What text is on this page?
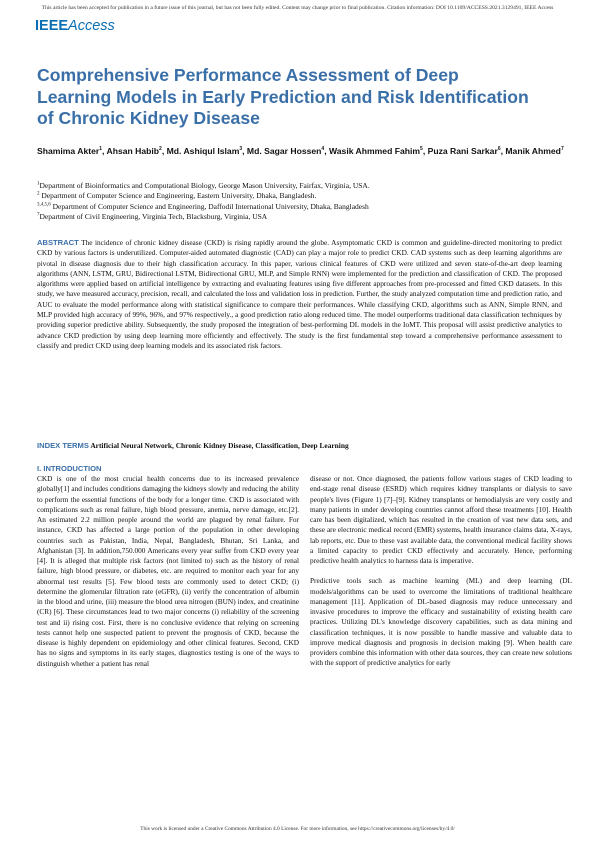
This article has been accepted for publication in a future issue of this journal, but has not been fully edited. Content may change prior to final publication. Citation information: DOI 10.1109/ACCESS.2021.3129491, IEEE Access
IEEEAccess
Comprehensive Performance Assessment of Deep Learning Models in Early Prediction and Risk Identification of Chronic Kidney Disease

Shamima Akter$^1$, Ahsan Habib$^2$, Md. Ashiqul Islam$^3$, Md. Sagar Hossen$^4$, Wasik Ahmmed Fahim$^5$, Puza Rani Sarkar$^6$, Manik Ahmed$^7$

$^1$Department of Bioinformatics and Computational Biology, George Mason University, Fairfax, Virginia, USA.
$^2$ Department of Computer Science and Engineering, Eastern University, Dhaka, Bangladesh.
$^{3,4,5,6}$ Department of Computer Science and Engineering, Daffodil International University, Dhaka, Bangladesh
$^7$Department of Civil Engineering, Virginia Tech, Blacksburg, Virginia, USA

ABSTRACT The incidence of chronic kidney disease (CKD) is rising rapidly around the globe. Asymptomatic CKD is common and guideline-directed monitoring to predict CKD by various factors is underutilized. Computer-aided automated diagnostic (CAD) can play a major role to predict CKD. CAD systems such as deep learning algorithms are pivotal in disease diagnosis due to their high classification accuracy. In this paper, various clinical features of CKD were utilized and seven state-of-the-art deep learning algorithms (ANN, LSTM, GRU, Bidirectional LSTM, Bidirectional GRU, MLP, and Simple RNN) were implemented for the prediction and classification of CKD. The proposed algorithms were applied based on artificial intelligence by extracting and evaluating features using five different approaches from pre-processed and fitted CKD datasets. In this study, we have measured accuracy, precision, recall, and calculated the loss and validation loss in prediction. Further, the study analyzed computation time and prediction ratio, and AUC to evaluate the model performance along with statistical significance to compare their performances. While classifying CKD, algorithms such as ANN, Simple RNN, and MLP provided high accuracy of 99%, 96%, and 97% respectively., a good prediction ratio along reduced time. The model outperforms traditional data classification techniques by providing superior predictive ability. Subsequently, the study proposed the integration of best-performing DL models in the IoMT. This proposal will assist predictive analytics to advance CKD prediction by using deep learning more efficiently and effectively. The study is the first fundamental step toward a comprehensive performance assessment to classify and predict CKD using deep learning models and its associated risk factors.

INDEX TERMS Artificial Neural Network, Chronic Kidney Disease, Classification, Deep Learning
I. INTRODUCTION

CKD is one of the most crucial health concerns due to its increased prevalence globally[1] and includes conditions damaging the kidneys slowly and reducing the ability to perform the essential functions of the body for a longer time. CKD is associated with complications such as renal failure, high blood pressure, anemia, nerve damage, etc.[2]. An estimated 2.2 million people around the world are plagued by renal failure. For instance, CKD has affected a large portion of the population in other developing countries such as Pakistan, India, Nepal, Bangladesh, Bhutan, Sri Lanka, and Afghanistan [3]. In addition,750.000 Americans every year suffer from CKD every year [4]. It is alleged that multiple risk factors (not limited to) such as the history of renal failure, high blood pressure, or diabetes, etc. are required to monitor each year for any abnormal test results [5]. Few blood tests are commonly used to detect CKD; (i) determine the glomerular filtration rate (eGFR), (ii) verify the concentration of albumin in the blood and urine, (iii) measure the blood urea nitrogen (BUN) index, and creatinine (CR) [6]. These circumstances lead to two major concerns (i) reliability of the screening test and ii) rising cost. First, there is no conclusive evidence that relying on screening tests cannot help one suspected patient to prevent the prognosis of CKD, because the disease is highly dependent on epidemiology and other clinical features. Second, CKD has no signs and symptoms in its early stages, diagnostics testing is one of the ways to distinguish whether a patient has renal

disease or not. Once diagnosed, the patients follow various stages of CKD leading to end-stage renal disease (ESRD) which requires kidney transplants or dialysis to save people's lives (Figure 1) [7]–[9]. Kidney transplants or hemodialysis are very costly and many patients in under developing countries cannot afford these treatments [10]. Health care has been digitalized, which has resulted in the creation of vast new data sets, and these are electronic medical record (EMR) systems, health insurance claims data, X-rays, lab reports, etc. Due to these vast available data, the conventional medical facility shows a limited capacity to predict CKD effectively and accurately. Hence, performing predictive health analytics to harness data is imperative.

Predictive tools such as machine learning (ML) and deep learning (DL models/algorithms can be used to overcome the limitations of traditional healthcare management [11]. Application of DL-based diagnosis may reduce unnecessary and invasive procedures to improve the efficacy and sustainability of existing health care practices. Utilizing DL's knowledge discovery capabilities, such as data mining and classification techniques, it is now possible to handle massive and valuable data to improve medical diagnosis and prognosis in decision making [9]. When health care providers combine this information with other data sources, they can create new solutions with the support of predictive analytics for early

This work is licensed under a Creative Commons Attribution 4.0 License. For more information, see https://creativecommons.org/licenses/by/4.0/
